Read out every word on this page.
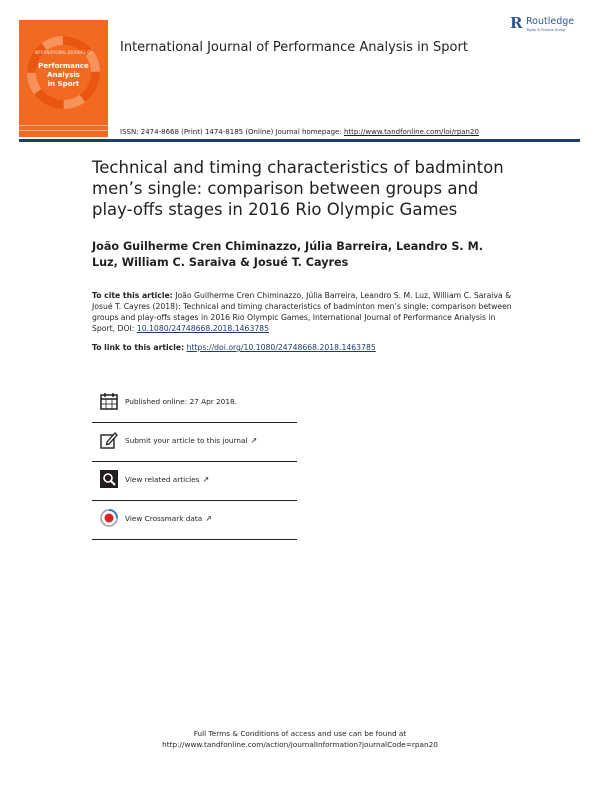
INTERNATIONAL JOURNAL OF
Performance
Analysis
in Sport
International Journal of Performance Analysis in Sport
R Routledge
Taylor & Francis Group
ISSN: 2474-8668 (Print) 1474-8185 (Online) Journal homepage: http://www.tandfonline.com/loi/rpan20
Technical and timing characteristics of badminton men’s single: comparison between groups and play-offs stages in 2016 Rio Olympic Games
João Guilherme Cren Chiminazzo, Júlia Barreira, Leandro S. M. Luz, William C. Saraiva & Josué T. Cayres
To cite this article: João Guilherme Cren Chiminazzo, Júlia Barreira, Leandro S. M. Luz, William C. Saraiva & Josué T. Cayres (2018): Technical and timing characteristics of badminton men’s single: comparison between groups and play-offs stages in 2016 Rio Olympic Games, International Journal of Performance Analysis in Sport, DOI: 10.1080/24748668.2018.1463785
To link to this article: https://doi.org/10.1080/24748668.2018.1463785
Published online: 27 Apr 2018.
Submit your article to this journal ↗
View related articles ↗
View Crossmark data ↗
Full Terms & Conditions of access and use can be found at
http://www.tandfonline.com/action/journalInformation?journalCode=rpan20
